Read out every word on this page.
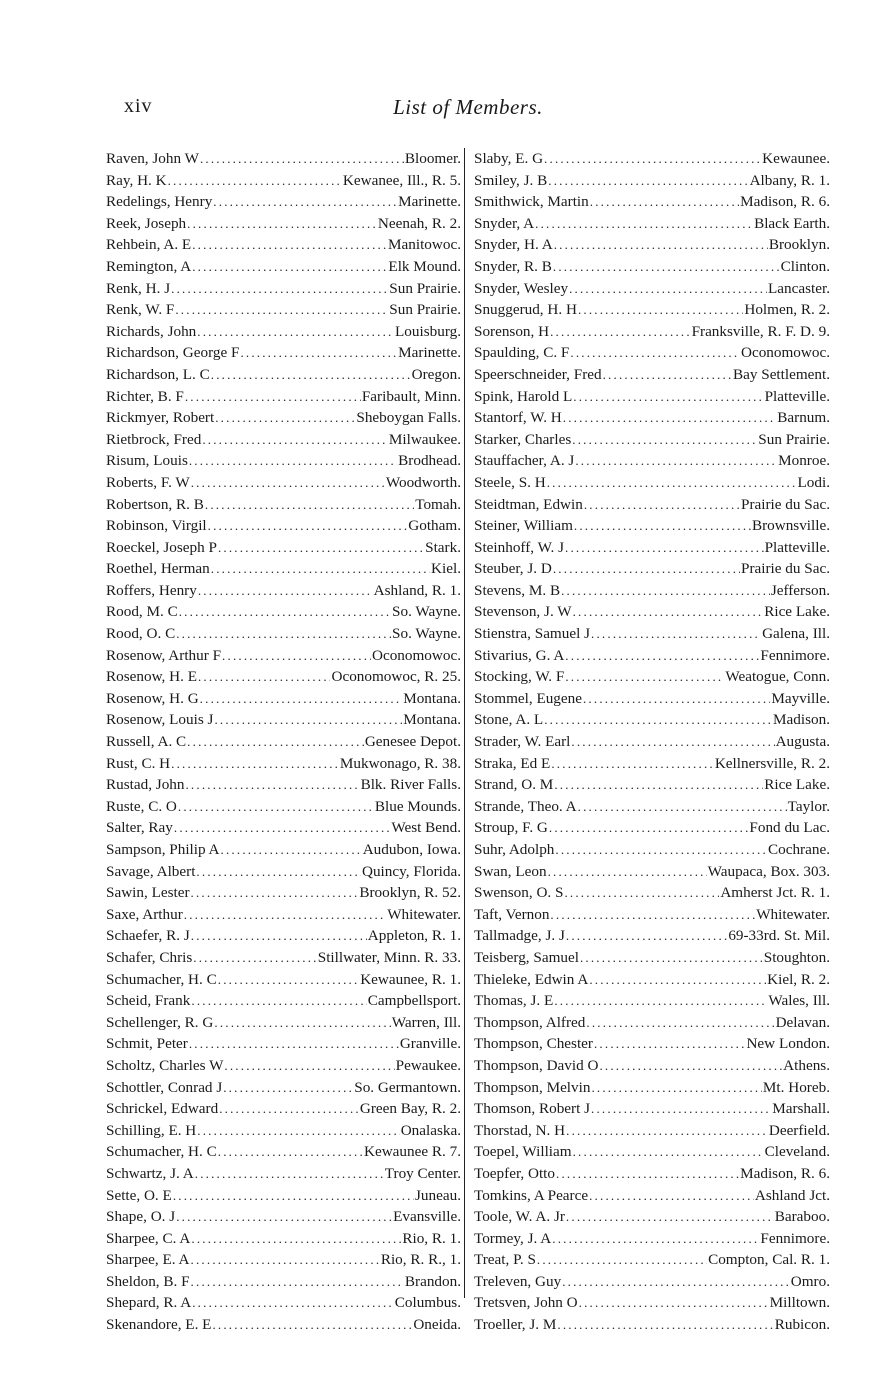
xiv	List of Members.
Raven, John W .....	Bloomer.
Ray, H. K .....	Kewanee, Ill., R. 5.
Redelings, Henry .....	Marinette.
Reek, Joseph .....	Neenah, R. 2.
Rehbein, A. E .....	Manitowoc.
Remington, A .....	Elk Mound.
Renk, H. J .....	Sun Prairie.
Renk, W. F .....	Sun Prairie.
Richards, John .....	Louisburg.
Richardson, George F .....	Marinette.
Richardson, L. C .....	Oregon.
Richter, B. F .....	Faribault, Minn.
Rickmyer, Robert .....	Sheboygan Falls.
Rietbrock, Fred .....	Milwaukee.
Risum, Louis .....	Brodhead.
Roberts, F. W .....	Woodworth.
Robertson, R. B .....	Tomah.
Robinson, Virgil .....	Gotham.
Roeckel, Joseph P .....	Stark.
Roethel, Herman .....	Kiel.
Roffers, Henry .....	Ashland, R. 1.
Rood, M. C .....	So. Wayne.
Rood, O. C .....	So. Wayne.
Rosenow, Arthur F .....	Oconomowoc.
Rosenow, H. E .....	Oconomowoc, R. 25.
Rosenow, H. G .....	Montana.
Rosenow, Louis J .....	Montana.
Russell, A. C .....	Genesee Depot.
Rust, C. H .....	Mukwonago, R. 38.
Rustad, John .....	Blk. River Falls.
Ruste, C. O .....	Blue Mounds.
Salter, Ray .....	West Bend.
Sampson, Philip A .....	Audubon, Iowa.
Savage, Albert .....	Quincy, Florida.
Sawin, Lester .....	Brooklyn, R. 52.
Saxe, Arthur .....	Whitewater.
Schaefer, R. J .....	Appleton, R. 1.
Schafer, Chris .....	Stillwater, Minn. R. 33.
Schumacher, H. C .....	Kewaunee, R. 1.
Scheid, Frank .....	Campbellsport.
Schellenger, R. G .....	Warren, Ill.
Schmit, Peter .....	Granville.
Scholtz, Charles W .....	Pewaukee.
Schottler, Conrad J .....	So. Germantown.
Schrickel, Edward .....	Green Bay, R. 2.
Schilling, E. H .....	Onalaska.
Schumacher, H. C .....	Kewaunee R. 7.
Schwartz, J. A .....	Troy Center.
Sette, O. E .....	Juneau.
Shape, O. J .....	Evansville.
Sharpee, C. A .....	Rio, R. 1.
Sharpee, E. A .....	Rio, R. R., 1.
Sheldon, B. F .....	Brandon.
Shepard, R. A .....	Columbus.
Skenandore, E. E .....	Oneida.
Slaby, E. G .....	Kewaunee.
Smiley, J. B .....	Albany, R. 1.
Smithwick, Martin .....	Madison, R. 6.
Snyder, A .....	Black Earth.
Snyder, H. A .....	Brooklyn.
Snyder, R. B .....	Clinton.
Snyder, Wesley .....	Lancaster.
Snuggerud, H. H .....	Holmen, R. 2.
Sorenson, H .....	Franksville, R. F. D. 9.
Spaulding, C. F .....	Oconomowoc.
Speerschneider, Fred .....	Bay Settlement.
Spink, Harold L .....	Platteville.
Stantorf, W. H .....	Barnum.
Starker, Charles .....	Sun Prairie.
Stauffacher, A. J .....	Monroe.
Steele, S. H .....	Lodi.
Steidtman, Edwin .....	Prairie du Sac.
Steiner, William .....	Brownsville.
Steinhoff, W. J .....	Platteville.
Steuber, J. D .....	Prairie du Sac.
Stevens, M. B .....	Jefferson.
Stevenson, J. W .....	Rice Lake.
Stienstra, Samuel J .....	Galena, Ill.
Stivarius, G. A .....	Fennimore.
Stocking, W. F .....	Weatogue, Conn.
Stommel, Eugene .....	Mayville.
Stone, A. L .....	Madison.
Strader, W. Earl .....	Augusta.
Straka, Ed E .....	Kellnersville, R. 2.
Strand, O. M .....	Rice Lake.
Strande, Theo. A .....	Taylor.
Stroup, F. G .....	Fond du Lac.
Suhr, Adolph .....	Cochrane.
Swan, Leon .....	Waupaca, Box. 303.
Swenson, O. S .....	Amherst Jct. R. 1.
Taft, Vernon .....	Whitewater.
Tallmadge, J. J .....	69-33rd. St. Mil.
Teisberg, Samuel .....	Stoughton.
Thieleke, Edwin A .....	Kiel, R. 2.
Thomas, J. E .....	Wales, Ill.
Thompson, Alfred .....	Delavan.
Thompson, Chester .....	New London.
Thompson, David O .....	Athens.
Thompson, Melvin .....	Mt. Horeb.
Thomson, Robert J .....	Marshall.
Thorstad, N. H .....	Deerfield.
Toepel, William .....	Cleveland.
Toepfer, Otto .....	Madison, R. 6.
Tomkins, A Pearce .....	Ashland Jct.
Toole, W. A. Jr .....	Baraboo.
Tormey, J. A .....	Fennimore.
Treat, P. S .....	Compton, Cal. R. 1.
Treleven, Guy .....	Omro.
Tretsven, John O .....	Milltown.
Troeller, J. M .....	Rubicon.
